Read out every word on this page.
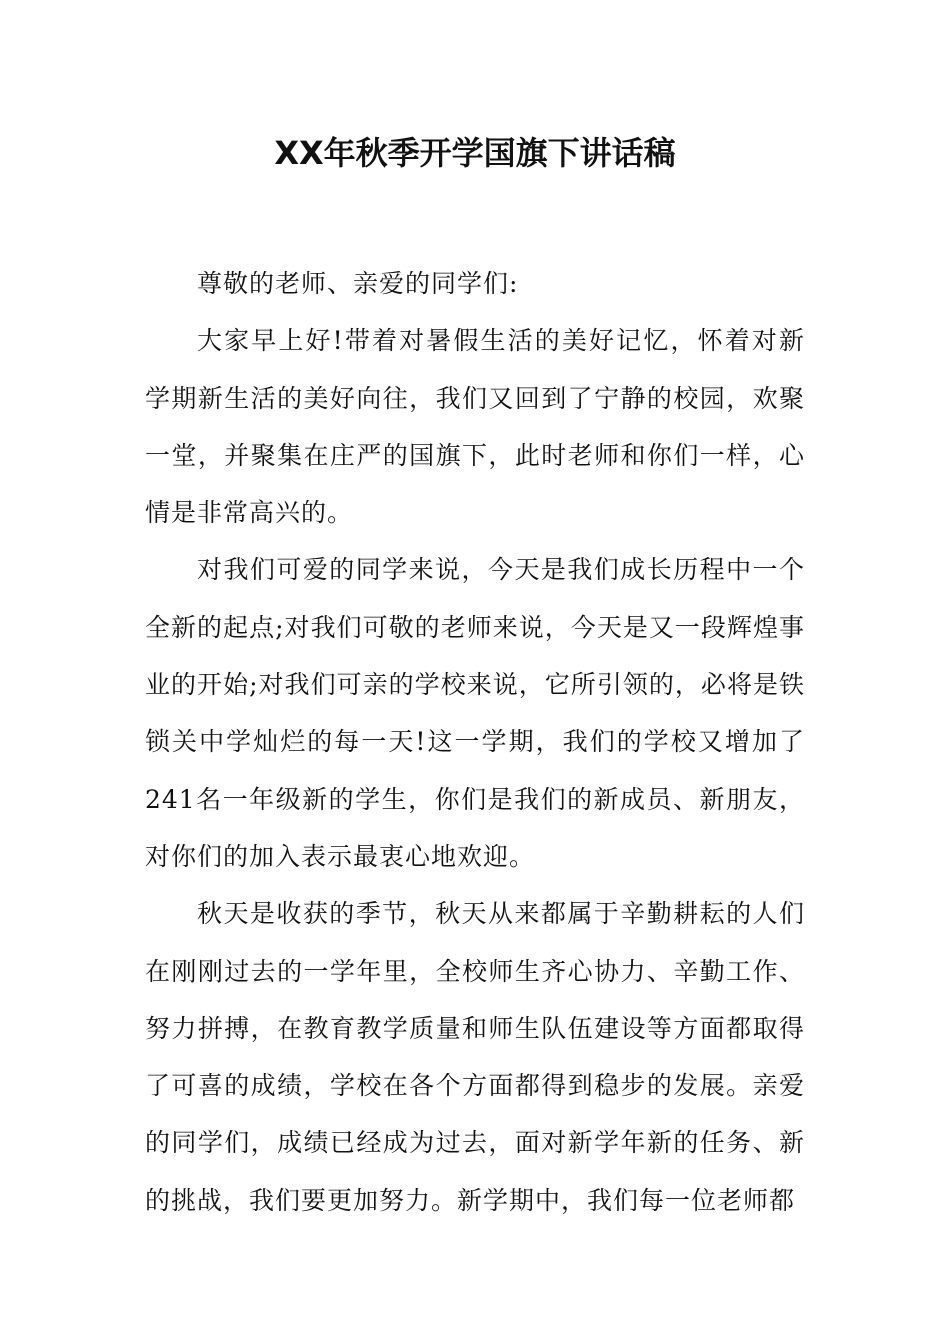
XX年秋季开学国旗下讲话稿

尊敬的老师、亲爱的同学们:

大家早上好!带着对暑假生活的美好记忆，怀着对新学期新生活的美好向往，我们又回到了宁静的校园，欢聚一堂，并聚集在庄严的国旗下，此时老师和你们一样，心情是非常高兴的。

对我们可爱的同学来说，今天是我们成长历程中一个全新的起点;对我们可敬的老师来说，今天是又一段辉煌事业的开始;对我们可亲的学校来说，它所引领的，必将是铁锁关中学灿烂的每一天!这一学期，我们的学校又增加了241名一年级新的学生，你们是我们的新成员、新朋友，对你们的加入表示最衷心地欢迎。

秋天是收获的季节，秋天从来都属于辛勤耕耘的人们在刚刚过去的一学年里，全校师生齐心协力、辛勤工作、努力拼搏，在教育教学质量和师生队伍建设等方面都取得了可喜的成绩，学校在各个方面都得到稳步的发展。亲爱的同学们，成绩已经成为过去，面对新学年新的任务、新的挑战，我们要更加努力。新学期中，我们每一位老师都
